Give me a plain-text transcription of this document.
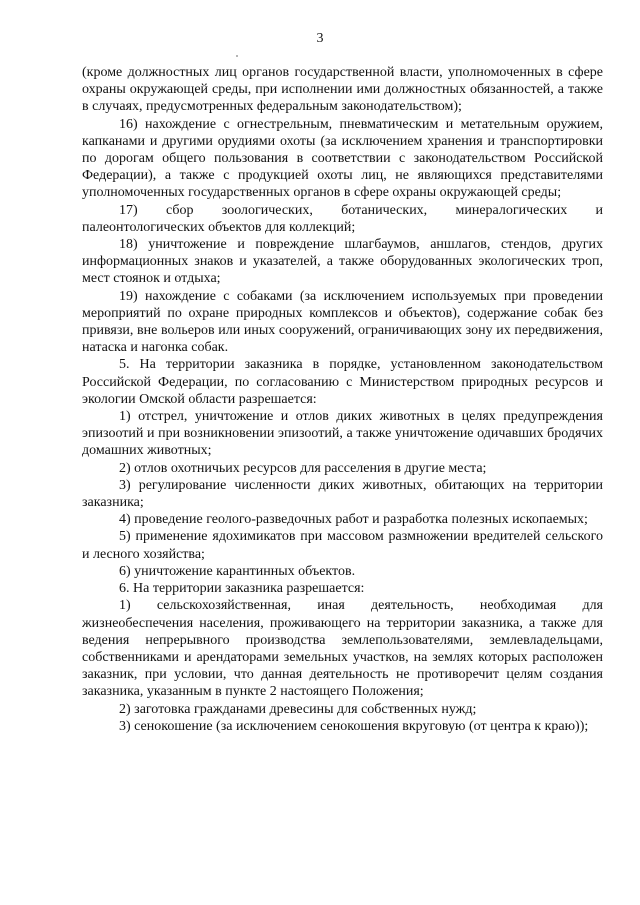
3

(кроме должностных лиц органов государственной власти, уполномоченных в сфере охраны окружающей среды, при исполнении ими должностных обязанностей, а также в случаях, предусмотренных федеральным законодательством);

16) нахождение с огнестрельным, пневматическим и метательным оружием, капканами и другими орудиями охоты (за исключением хранения и транспортировки по дорогам общего пользования в соответствии с законодательством Российской Федерации), а также с продукцией охоты лиц, не являющихся представителями уполномоченных государственных органов в сфере охраны окружающей среды;

17) сбор зоологических, ботанических, минералогических и палеонтологических объектов для коллекций;

18) уничтожение и повреждение шлагбаумов, аншлагов, стендов, других информационных знаков и указателей, а также оборудованных экологических троп, мест стоянок и отдыха;

19) нахождение с собаками (за исключением используемых при проведении мероприятий по охране природных комплексов и объектов), содержание собак без привязи, вне вольеров или иных сооружений, ограничивающих зону их передвижения, натаска и нагонка собак.

5. На территории заказника в порядке, установленном законодательством Российской Федерации, по согласованию с Министерством природных ресурсов и экологии Омской области разрешается:

1) отстрел, уничтожение и отлов диких животных в целях предупреждения эпизоотий и при возникновении эпизоотий, а также уничтожение одичавших бродячих домашних животных;

2) отлов охотничьих ресурсов для расселения в другие места;

3) регулирование численности диких животных, обитающих на территории заказника;

4) проведение геолого-разведочных работ и разработка полезных ископаемых;

5) применение ядохимикатов при массовом размножении вредителей сельского и лесного хозяйства;

6) уничтожение карантинных объектов.

6. На территории заказника разрешается:

1) сельскохозяйственная, иная деятельность, необходимая для жизнеобеспечения населения, проживающего на территории заказника, а также для ведения непрерывного производства землепользователями, землевладельцами, собственниками и арендаторами земельных участков, на землях которых расположен заказник, при условии, что данная деятельность не противоречит целям создания заказника, указанным в пункте 2 настоящего Положения;

2) заготовка гражданами древесины для собственных нужд;

3) сенокошение (за исключением сенокошения вкруговую (от центра к краю));
